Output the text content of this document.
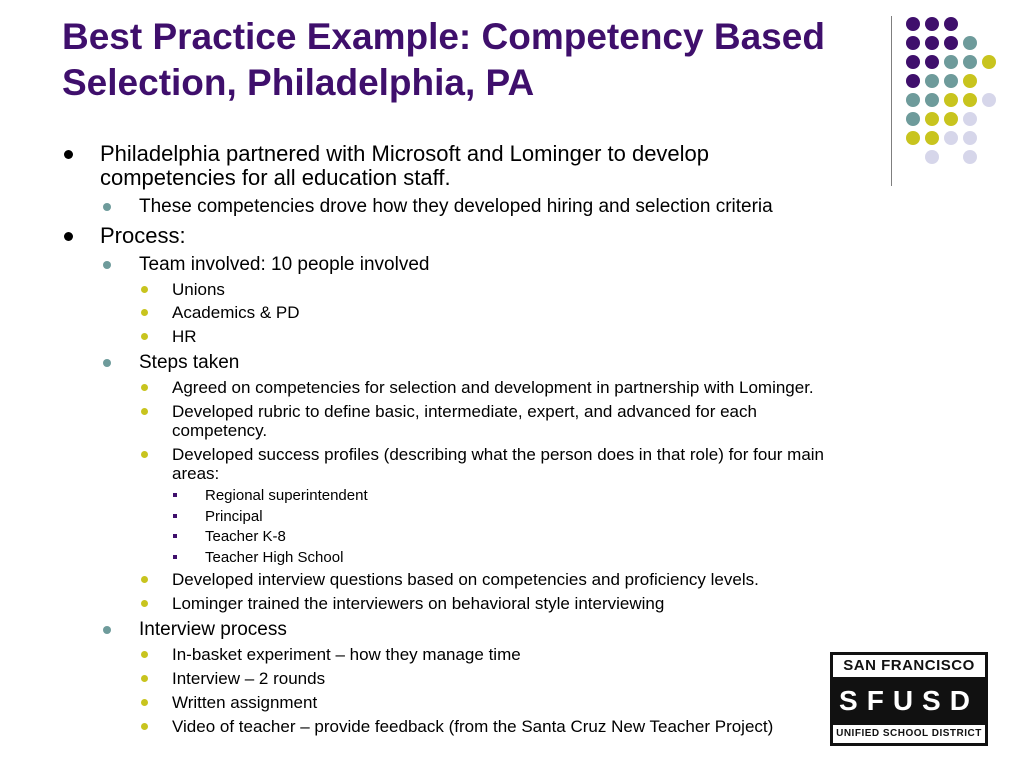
Best Practice Example: Competency Based
Selection, Philadelphia, PA
Philadelphia partnered with Microsoft and Lominger to develop
competencies for all education staff.
These competencies drove how they developed hiring and selection criteria
Process:
Team involved: 10 people involved
Unions
Academics & PD
HR
Steps taken
Agreed on competencies for selection and development in partnership with Lominger.
Developed rubric to define basic, intermediate, expert, and advanced for each
competency.
Developed success profiles (describing what the person does in that role) for four main
areas:
Regional superintendent
Principal
Teacher K-8
Teacher High School
Developed interview questions based on competencies and proficiency levels.
Lominger trained the interviewers on behavioral style interviewing
Interview process
In-basket experiment – how they manage time
Interview – 2 rounds
Written assignment
Video of teacher – provide feedback (from the Santa Cruz New Teacher Project)
SAN FRANCISCO
SFUSD
UNIFIED SCHOOL DISTRICT
